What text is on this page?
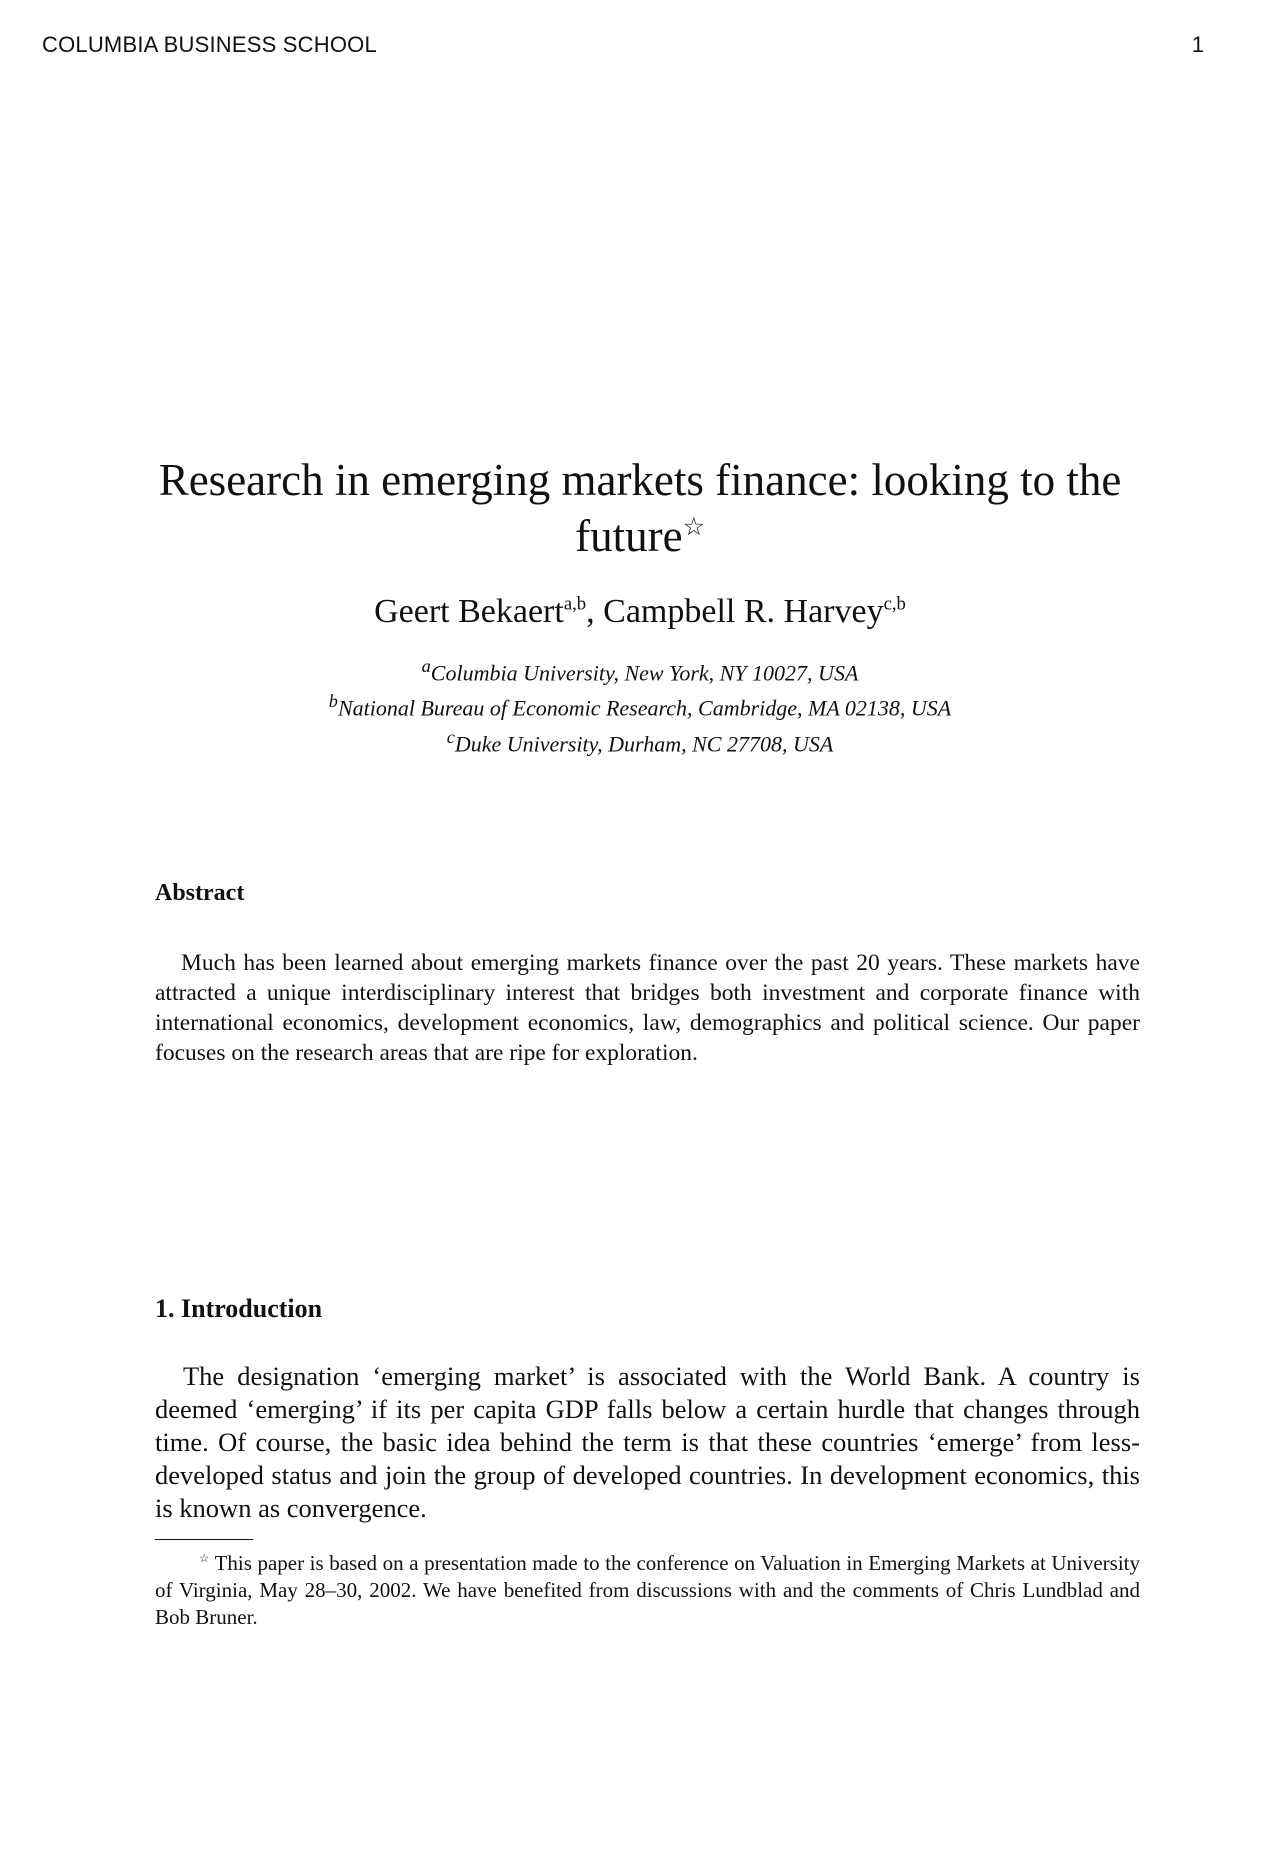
COLUMBIA BUSINESS SCHOOL	1
Research in emerging markets finance: looking to the future☆
Geert Bekaert$^{a,b}$, Campbell R. Harvey$^{c,b}$
$^a$Columbia University, New York, NY 10027, USA
$^b$National Bureau of Economic Research, Cambridge, MA 02138, USA
$^c$Duke University, Durham, NC 27708, USA
Abstract

Much has been learned about emerging markets finance over the past 20 years. These markets have attracted a unique interdisciplinary interest that bridges both investment and corporate finance with international economics, development economics, law, demographics and political science. Our paper focuses on the research areas that are ripe for exploration.

1. Introduction

The designation ‘emerging market’ is associated with the World Bank. A country is deemed ‘emerging’ if its per capita GDP falls below a certain hurdle that changes through time. Of course, the basic idea behind the term is that these countries ‘emerge’ from less-developed status and join the group of developed countries. In development economics, this is known as convergence.

☆ This paper is based on a presentation made to the conference on Valuation in Emerging Markets at University of Virginia, May 28–30, 2002. We have benefited from discussions with and the comments of Chris Lundblad and Bob Bruner.
